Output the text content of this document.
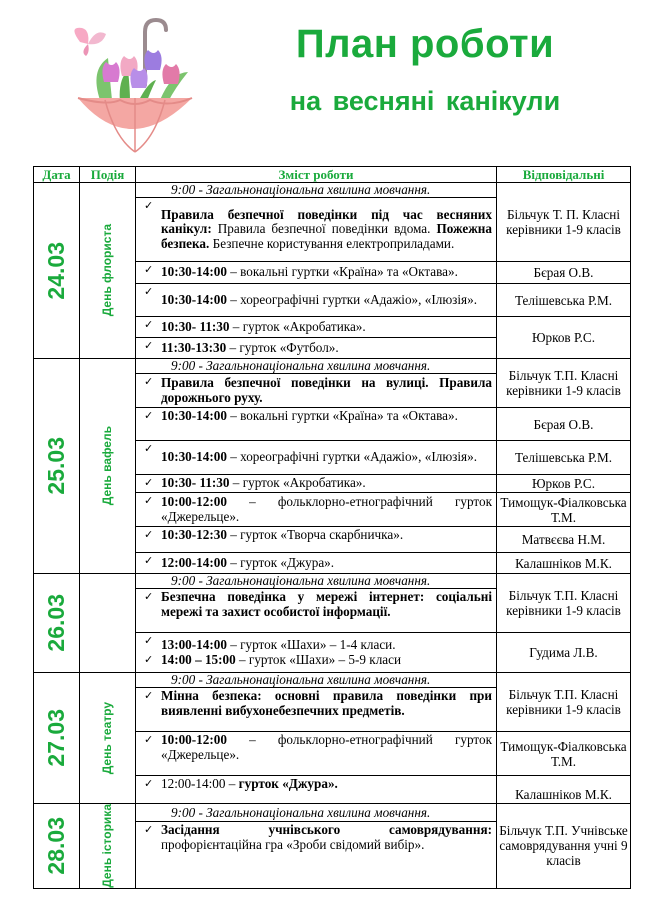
План роботи
на весняні канікули
Дата	Подія	Зміст роботи	Відповідальні

24.03	День флориста	9:00 - Загальнонаціональна хвилина мовчання.	Більчук Т. П. Класні керівники 1-9 класів
		✓ Правила безпечної поведінки під час весняних канікул: Правила безпечної поведінки вдома. Пожежна безпека. Безпечне користування електроприладами.
		✓ 10:30-14:00 – вокальні гуртки «Країна» та «Октава».	Бєрая О.В.
		✓ 10:30-14:00 – хореографічні гуртки «Адажіо», «Ілюзія».	Телішевська Р.М.
		✓ 10:30- 11:30 – гурток «Акробатика».	Юрков Р.С.
		✓ 11:30-13:30 – гурток «Футбол».

25.03	День вафель	9:00 - Загальнонаціональна хвилина мовчання.	Більчук Т.П. Класні керівники 1-9 класів
		✓ Правила безпечної поведінки на вулиці. Правила дорожнього руху.
		✓ 10:30-14:00 – вокальні гуртки «Країна» та «Октава».	Бєрая О.В.
		✓ 10:30-14:00 – хореографічні гуртки «Адажіо», «Ілюзія».	Телішевська Р.М.
		✓ 10:30- 11:30 – гурток «Акробатика».	Юрков Р.С.
		✓ 10:00-12:00 – фольклорно-етнографічний гурток «Джерельце».	Тимощук-Фіалковська Т.М.
		✓ 10:30-12:30 – гурток «Творча скарбничка».	Матвєєва Н.М.
		✓ 12:00-14:00 – гурток «Джура».	Калашніков М.К.

26.03		9:00 - Загальнонаціональна хвилина мовчання.	Більчук Т.П. Класні керівники 1-9 класів
		✓ Безпечна поведінка у мережі інтернет: соціальні мережі та захист особистої інформації.

		✓ 13:00-14:00 – гурток «Шахи» – 1-4 класи.
✓ 14:00 – 15:00 – гурток «Шахи» – 5-9 класи	Гудима Л.В.

27.03	День театру	9:00 - Загальнонаціональна хвилина мовчання.	Більчук Т.П. Класні керівники 1-9 класів
		✓ Мінна безпека: основні правила поведінки при виявленні вибухонебезпечних предметів.
		✓ 10:00-12:00 – фольклорно-етнографічний гурток «Джерельце».	Тимощук-Фіалковська Т.М.
		✓ 12:00-14:00 – гурток «Джура».	Калашніков М.К.

28.03	День історика	9:00 - Загальнонаціональна хвилина мовчання.	Більчук Т.П. Учнівське самоврядування учні 9 класів
		✓ Засідання учнівського самоврядування: профорієнтаційна гра «Зроби свідомий вибір».
